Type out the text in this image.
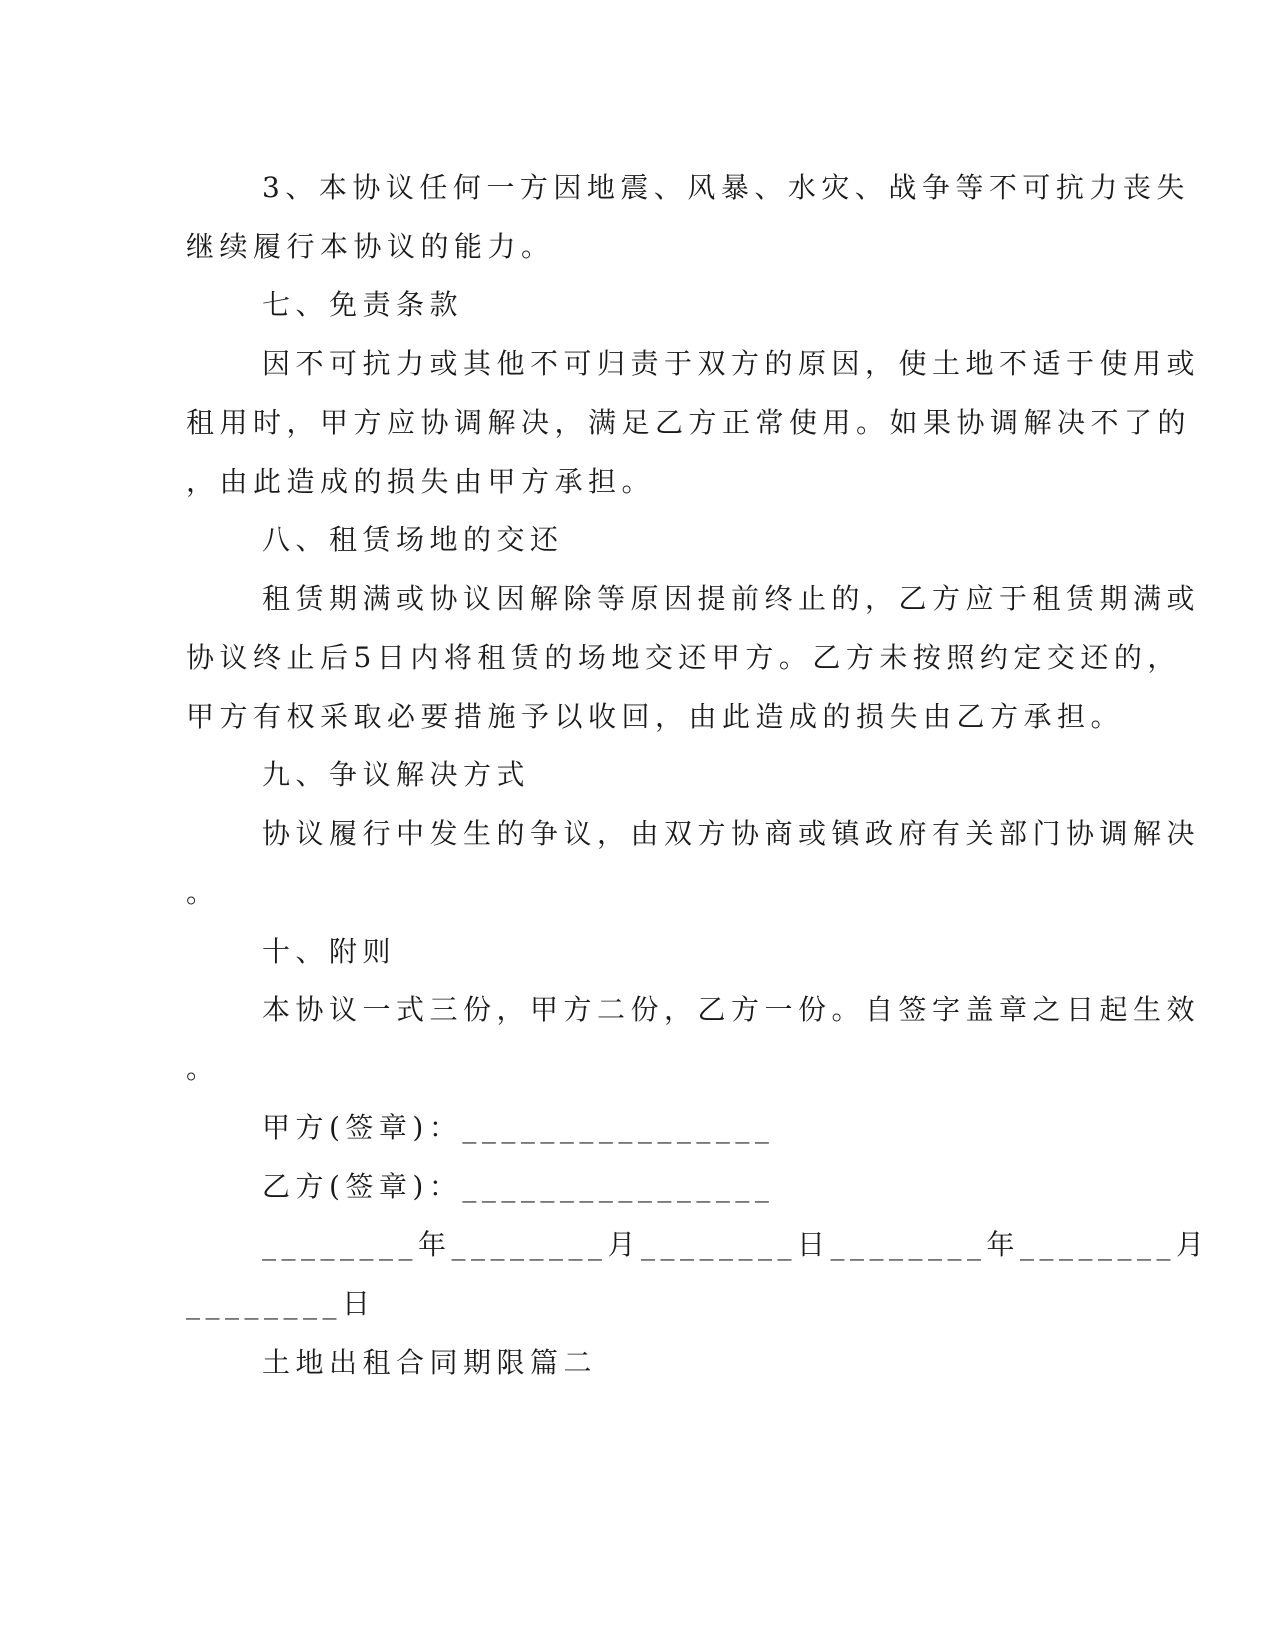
3、本协议任何一方因地震、风暴、水灾、战争等不可抗力丧失
继续履行本协议的能力。
七、免责条款
因不可抗力或其他不可归责于双方的原因，使土地不适于使用或
租用时，甲方应协调解决，满足乙方正常使用。如果协调解决不了的
，由此造成的损失由甲方承担。
八、租赁场地的交还
租赁期满或协议因解除等原因提前终止的，乙方应于租赁期满或
协议终止后5日内将租赁的场地交还甲方。乙方未按照约定交还的，
甲方有权采取必要措施予以收回，由此造成的损失由乙方承担。
九、争议解决方式
协议履行中发生的争议，由双方协商或镇政府有关部门协调解决
。
十、附则
本协议一式三份，甲方二份，乙方一份。自签字盖章之日起生效
。
甲方(签章)：________________
乙方(签章)：________________
________年________月________日________年________月
________日
土地出租合同期限篇二
